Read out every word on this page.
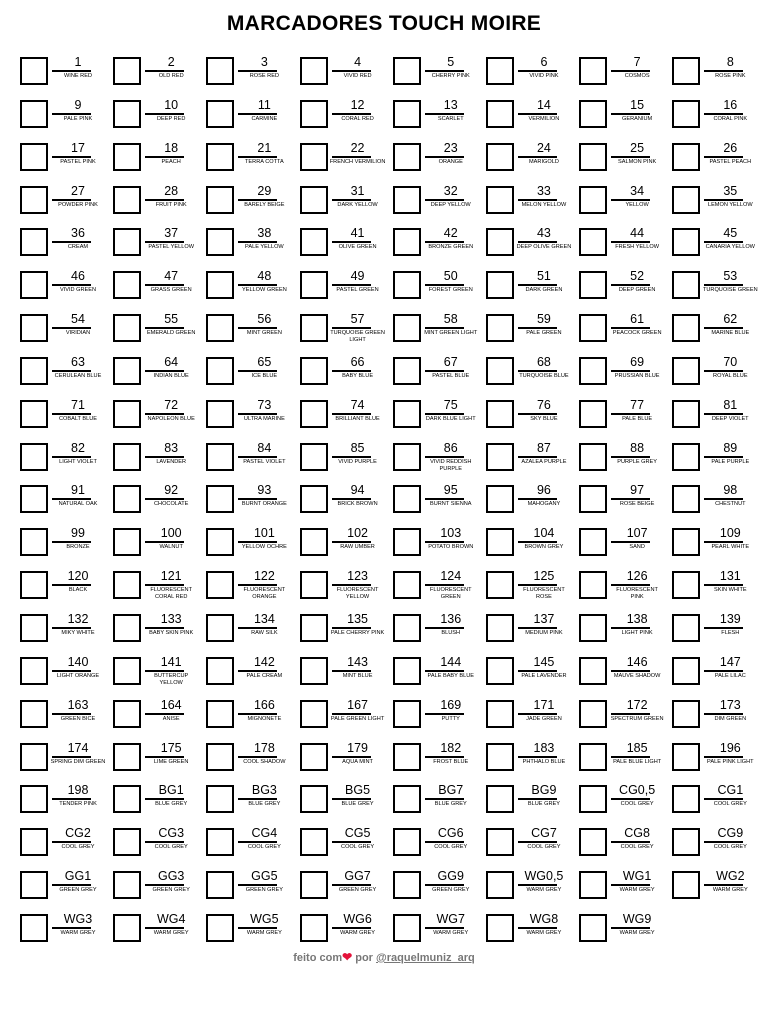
MARCADORES TOUCH MOIRE
1
WINE RED
2
OLD RED
3
ROSE RED
4
VIVID RED
5
CHERRY PINK
6
VIVID PINK
7
COSMOS
8
ROSE PINK
9
PALE PINK
10
DEEP RED
11
CARMINE
12
CORAL RED
13
SCARLET
14
VERMILION
15
GERANIUM
16
CORAL PINK
17
PASTEL PINK
18
PEACH
21
TERRA COTTA
22
FRENCH VERMILION
23
ORANGE
24
MARIGOLD
25
SALMON PINK
26
PASTEL PEACH
27
POWDER PINK
28
FRUIT PINK
29
BARELY BEIGE
31
DARK YELLOW
32
DEEP YELLOW
33
MELON YELLOW
34
YELLOW
35
LEMON YELLOW
36
CREAM
37
PASTEL YELLOW
38
PALE YELLOW
41
OLIVE GREEN
42
BRONZE GREEN
43
DEEP OLIVE GREEN
44
FRESH YELLOW
45
CANARIA YELLOW
46
VIVID GREEN
47
GRASS GREEN
48
YELLOW GREEN
49
PASTEL GREEN
50
FOREST GREEN
51
DARK GREEN
52
DEEP GREEN
53
TURQUOISE GREEN
54
VIRIDIAN
55
EMERALD GREEN
56
MINT GREEN
57
TURQUOISE GREEN LIGHT
58
MINT GREEN LIGHT
59
PALE GREEN
61
PEACOCK GREEN
62
MARINE BLUE
63
CERULEAN BLUE
64
INDIAN BLUE
65
ICE BLUE
66
BABY BLUE
67
PASTEL BLUE
68
TURQUOISE BLUE
69
PRUSSIAN BLUE
70
ROYAL BLUE
71
COBALT BLUE
72
NAPOLEON BLUE
73
ULTRA MARINE
74
BRILLIANT BLUE
75
DARK BLUE LIGHT
76
SKY BLUE
77
PALE BLUE
81
DEEP VIOLET
82
LIGHT VIOLET
83
LAVENDER
84
PASTEL VIOLET
85
VIVID PURPLE
86
VIVID REDDISH PURPLE
87
AZALEA PURPLE
88
PURPLE GREY
89
PALE PURPLE
91
NATURAL OAK
92
CHOCOLATE
93
BURNT ORANGE
94
BRICK BROWN
95
BURNT SIENNA
96
MAHOGANY
97
ROSE BEIGE
98
CHESTNUT
99
BRONZE
100
WALNUT
101
YELLOW OCHRE
102
RAW UMBER
103
POTATO BROWN
104
BROWN GREY
107
SAND
109
PEARL WHITE
120
BLACK
121
FLUORESCENT CORAL RED
122
FLUORESCENT ORANGE
123
FLUORESCENT YELLOW
124
FLUORESCENT GREEN
125
FLUORESCENT ROSE
126
FLUORESCENT PINK
131
SKIN WHITE
132
MIKY WHITE
133
BABY SKIN PINK
134
RAW SILK
135
PALE CHERRY PINK
136
BLUSH
137
MEDIUM PINK
138
LIGHT PINK
139
FLESH
140
LIGHT ORANGE
141
BUTTERCUP YELLOW
142
PALE CREAM
143
MINT BLUE
144
PALE BABY BLUE
145
PALE LAVENDER
146
MAUVE SHADOW
147
PALE LILAC
163
GREEN BICE
164
ANISE
166
MIGNONETE
167
PALE GREEN LIGHT
169
PUTTY
171
JADE GREEN
172
SPECTRUM GREEN
173
DIM GREEN
174
SPRING DIM GREEN
175
LIME GREEN
178
COOL SHADOW
179
AQUA MINT
182
FROST BLUE
183
PHTHALO BLUE
185
PALE BLUE LIGHT
196
PALE PINK LIGHT
198
TENDER PINK
BG1
BLUE GREY
BG3
BLUE GREY
BG5
BLUE GREY
BG7
BLUE GREY
BG9
BLUE GREY
CG0,5
COOL GREY
CG1
COOL GREY
CG2
COOL GREY
CG3
COOL GREY
CG4
COOL GREY
CG5
COOL GREY
CG6
COOL GREY
CG7
COOL GREY
CG8
COOL GREY
CG9
COOL GREY
GG1
GREEN GREY
GG3
GREEN GREY
GG5
GREEN GREY
GG7
GREEN GREY
GG9
GREEN GREY
WG0,5
WARM GREY
WG1
WARM GREY
WG2
WARM GREY
WG3
WARM GREY
WG4
WARM GREY
WG5
WARM GREY
WG6
WARM GREY
WG7
WARM GREY
WG8
WARM GREY
WG9
WARM GREY
feito com❤ por @raquelmuniz_arq
